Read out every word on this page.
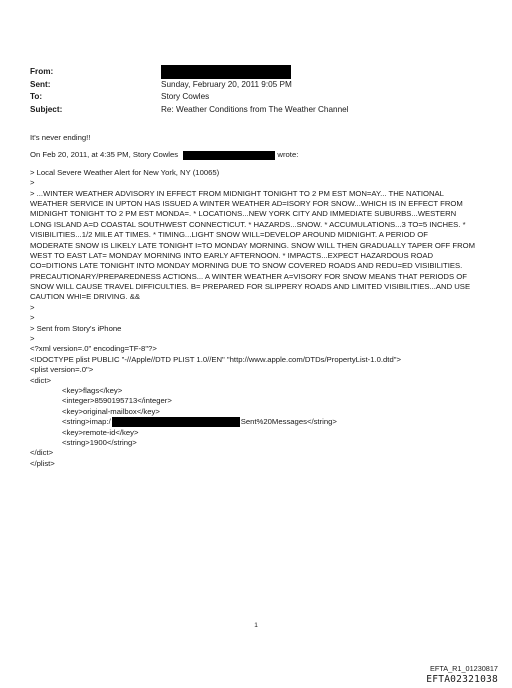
From:
Sent:	Sunday, February 20, 2011 9:05 PM
To:	Story Cowles
Subject:	Re: Weather Conditions from The Weather Channel
It's never ending!!
On Feb 20, 2011, at 4:35 PM, Story Cowles	wrote:
> Local Severe Weather Alert for New York, NY (10065)
>
> ...WINTER WEATHER ADVISORY IN EFFECT FROM MIDNIGHT TONIGHT TO 2 PM EST MON=AY... THE NATIONAL
WEATHER SERVICE IN UPTON HAS ISSUED A WINTER WEATHER AD=ISORY FOR SNOW...WHICH IS IN EFFECT FROM
MIDNIGHT TONIGHT TO 2 PM EST MONDA=. * LOCATIONS...NEW YORK CITY AND IMMEDIATE SUBURBS...WESTERN
LONG ISLAND A=D COASTAL SOUTHWEST CONNECTICUT. * HAZARDS...SNOW. * ACCUMULATIONS...3 TO=5 INCHES. *
VISIBILITIES...1/2 MILE AT TIMES. * TIMING...LIGHT SNOW WILL=DEVELOP AROUND MIDNIGHT. A PERIOD OF
MODERATE SNOW IS LIKELY LATE TONIGHT I=TO MONDAY MORNING. SNOW WILL THEN GRADUALLY TAPER OFF FROM
WEST TO EAST LAT= MONDAY MORNING INTO EARLY AFTERNOON. * IMPACTS...EXPECT HAZARDOUS ROAD
CO=DITIONS LATE TONIGHT INTO MONDAY MORNING DUE TO SNOW COVERED ROADS AND REDU=ED VISIBILITIES.
PRECAUTIONARY/PREPAREDNESS ACTIONS... A WINTER WEATHER A=VISORY FOR SNOW MEANS THAT PERIODS OF
SNOW WILL CAUSE TRAVEL DIFFICULTIES. B= PREPARED FOR SLIPPERY ROADS AND LIMITED VISIBILITIES...AND USE
CAUTION WHI=E DRIVING. &&
>
>
> Sent from Story's iPhone
>
<?xml version=.0" encoding=TF-8"?>
<!DOCTYPE plist PUBLIC "-//Apple//DTD PLIST 1.0//EN" "http://www.apple.com/DTDs/PropertyList-1.0.dtd">
<plist version=.0">
<dict>
<key>flags</key>
<integer>8590195713</integer>
<key>original-mailbox</key>
<string>imap:/	Sent%20Messages</string>
<key>remote-id</key>
<string>1900</string>
</dict>
</plist>
1
EFTA_R1_01230817
EFTA02321038
